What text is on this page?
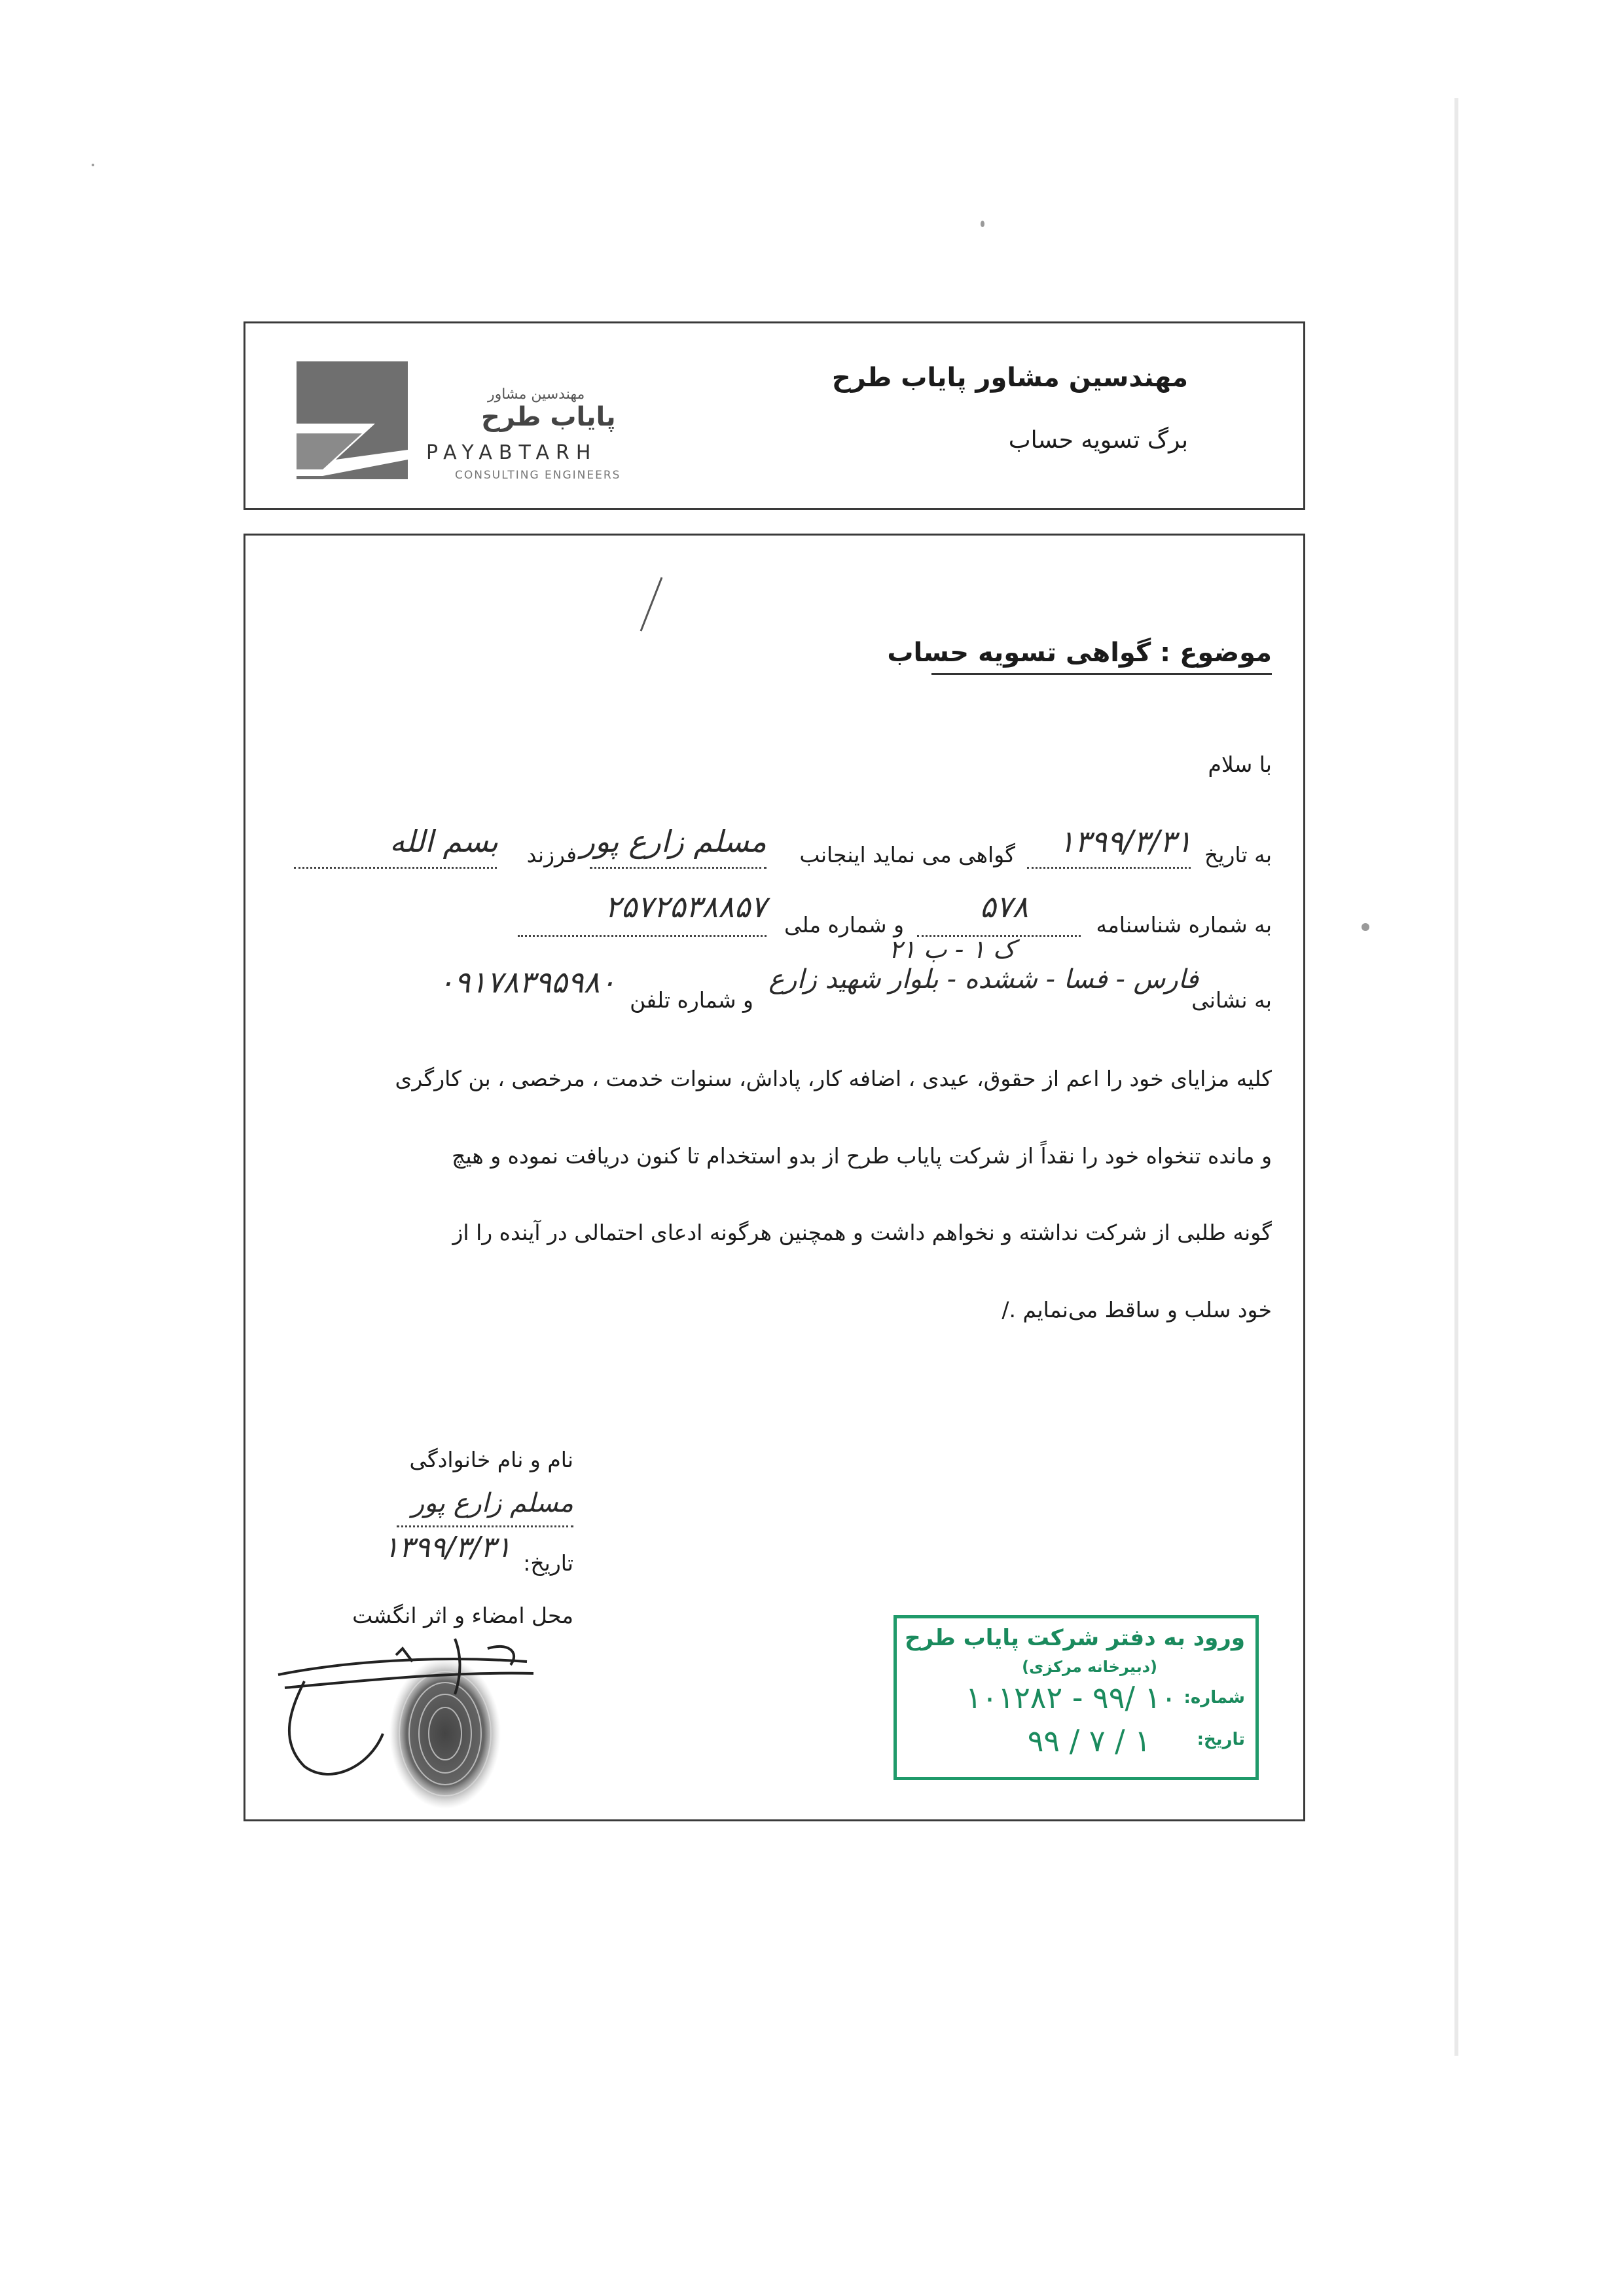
مهندسین مشاور
پایاب طرح
PAYABTARH
CONSULTING ENGINEERS
مهندسین مشاور پایاب طرح
برگ تسویه حساب
موضوع : گواهی تسویه حساب
با سلام
به تاریخ
۱۳۹۹/۳/۳۱
گواهی می نماید اینجانب
مسلم زارع پور
فرزند
بسم الله
به شماره شناسنامه
۵۷۸
و شماره ملی
۲۵۷۲۵۳۸۸۵۷
به نشانی
فارس - فسا - ششده - بلوار شهید زارع
ک ۱ - ب ۲۱
و شماره تلفن
۰۹۱۷۸۳۹۵۹۸۰
کلیه مزایای خود را اعم از حقوق، عیدی ، اضافه کار، پاداش، سنوات خدمت ، مرخصی ، بن کارگری
و مانده تنخواه خود را نقداً از شرکت پایاب طرح از بدو استخدام تا کنون دریافت نموده و هیچ
گونه طلبی از شرکت نداشته و نخواهم داشت و همچنین هرگونه ادعای احتمالی در آینده را از
خود سلب و ساقط می‌نمایم ./
نام و نام خانوادگی
مسلم زارع پور
تاریخ:
۱۳۹۹/۳/۳۱
محل امضاء و اثر انگشت
ورود به دفتر شرکت پایاب طرح
(دبیرخانه مرکزی)
شماره:
۱۰۱۲۸۲ - ۹۹/ ۱۰
تاریخ:
۹۹ / ۷ / ۱
